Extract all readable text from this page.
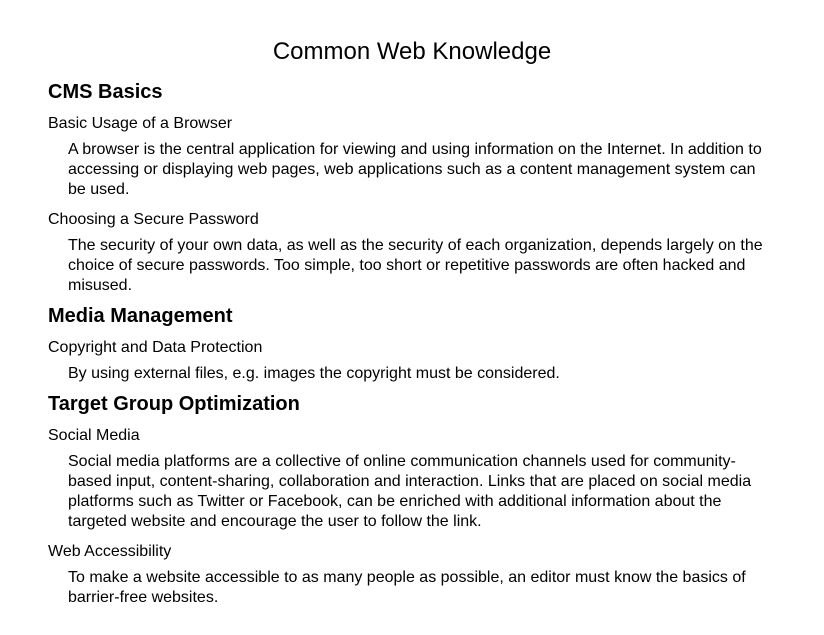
Common Web Knowledge
CMS Basics
Basic Usage of a Browser

A browser is the central application for viewing and using information on the Internet. In addition to accessing or displaying web pages, web applications such as a content management system can be used.

Choosing a Secure Password

The security of your own data, as well as the security of each organization, depends largely on the choice of secure passwords. Too simple, too short or repetitive passwords are often hacked and misused.

Media Management
Copyright and Data Protection

By using external files, e.g. images the copyright must be considered.

Target Group Optimization
Social Media

Social media platforms are a collective of online communication channels used for community-based input, content-sharing, collaboration and interaction. Links that are placed on social media platforms such as Twitter or Facebook, can be enriched with additional information about the targeted website and encourage the user to follow the link.

Web Accessibility

To make a website accessible to as many people as possible, an editor must know the basics of barrier-free websites.
